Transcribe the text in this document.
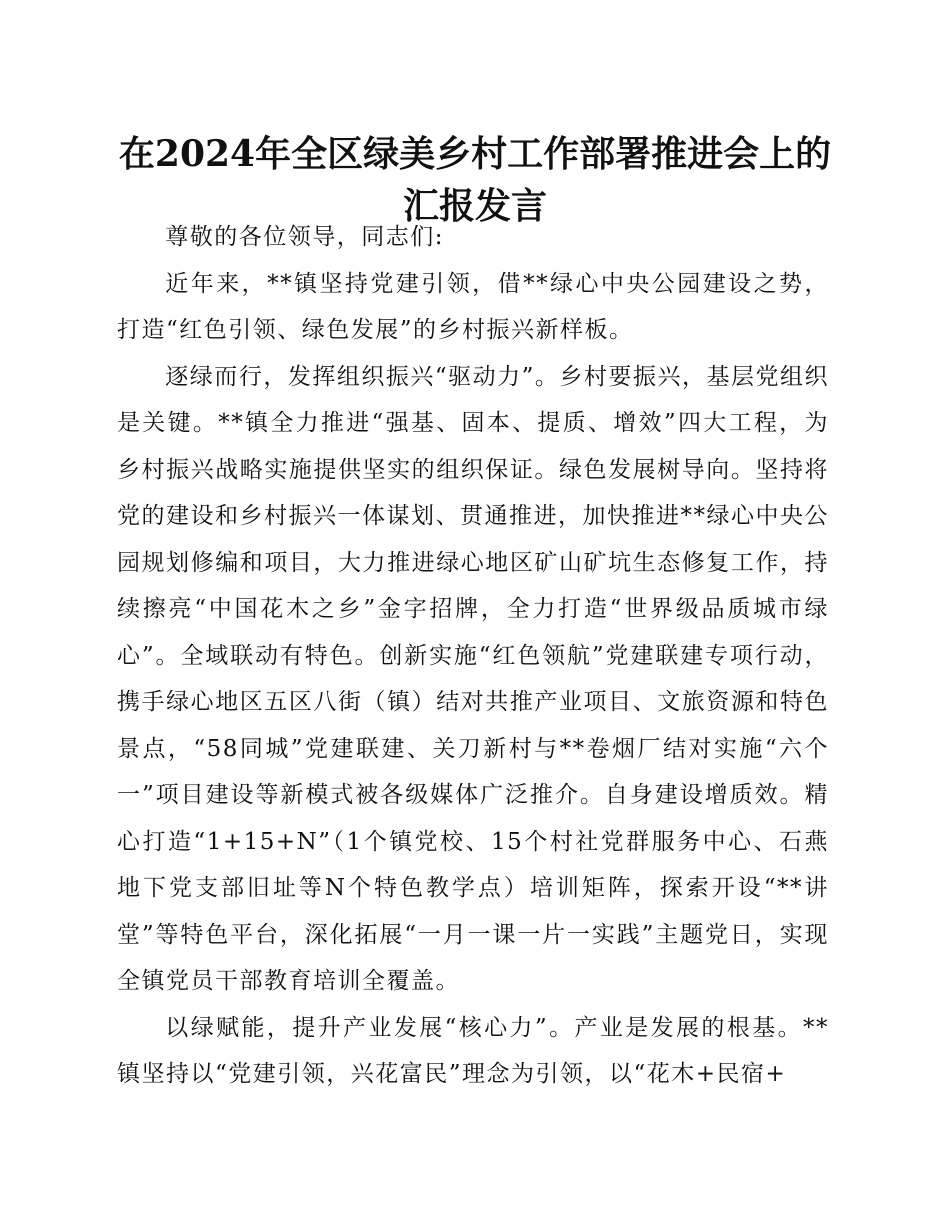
在2024年全区绿美乡村工作部署推进会上的汇报发言

尊敬的各位领导，同志们:

近年来，**镇坚持党建引领，借**绿心中央公园建设之势，打造“红色引领、绿色发展”的乡村振兴新样板。

逐绿而行，发挥组织振兴“驱动力”。乡村要振兴，基层党组织是关键。**镇全力推进“强基、固本、提质、增效”四大工程，为乡村振兴战略实施提供坚实的组织保证。绿色发展树导向。坚持将党的建设和乡村振兴一体谋划、贯通推进，加快推进**绿心中央公园规划修编和项目，大力推进绿心地区矿山矿坑生态修复工作，持续擦亮“中国花木之乡”金字招牌，全力打造“世界级品质城市绿心”。全域联动有特色。创新实施“红色领航”党建联建专项行动，携手绿心地区五区八街（镇）结对共推产业项目、文旅资源和特色景点，“58同城”党建联建、关刀新村与**卷烟厂结对实施“六个一”项目建设等新模式被各级媒体广泛推介。自身建设增质效。精心打造“1+15+N”（1个镇党校、15个村社党群服务中心、石燕地下党支部旧址等N个特色教学点）培训矩阵，探索开设“**讲堂”等特色平台，深化拓展“一月一课一片一实践”主题党日，实现全镇党员干部教育培训全覆盖。

以绿赋能，提升产业发展“核心力”。产业是发展的根基。**镇坚持以“党建引领，兴花富民”理念为引领，以“花木+民宿+
